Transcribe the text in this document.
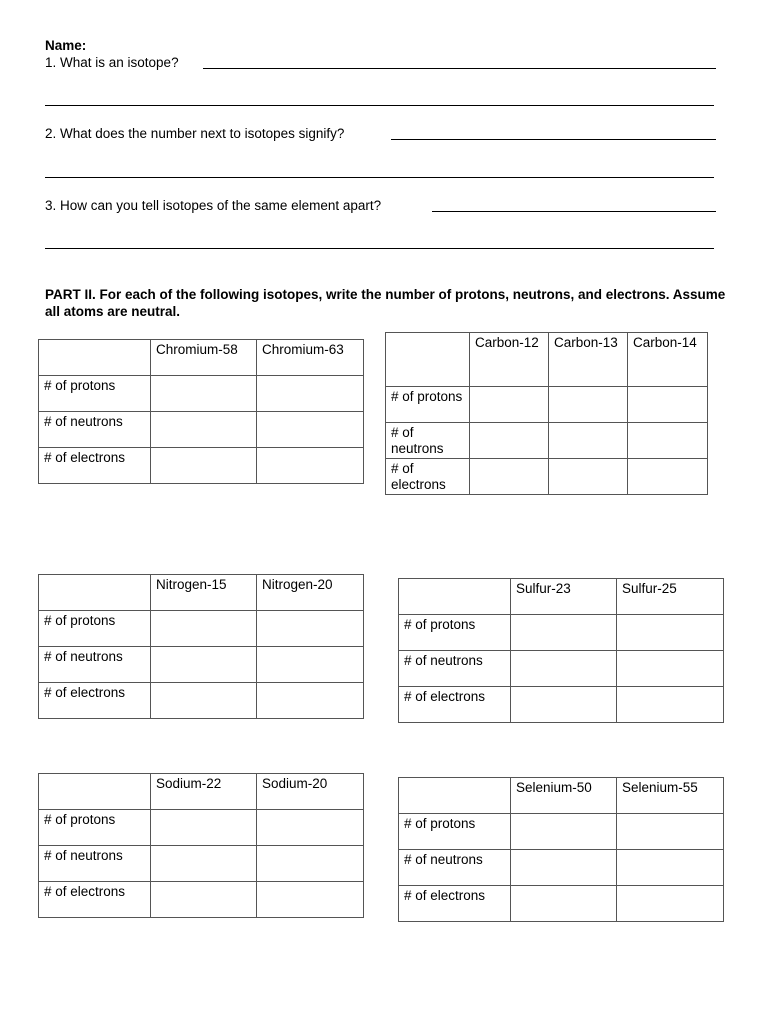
Name:
1. What is an isotope?
2. What does the number next to isotopes signify?
3. How can you tell isotopes of the same element apart?
PART II. For each of the following isotopes, write the number of protons, neutrons, and electrons. Assume all atoms are neutral.
	Chromium-58	Chromium-63
# of protons		
# of neutrons		
# of electrons		
	Carbon-12	Carbon-13	Carbon-14
# of protons			
# of neutrons			
# of electrons			
	Nitrogen-15	Nitrogen-20
# of protons		
# of neutrons		
# of electrons		
	Sulfur-23	Sulfur-25
# of protons		
# of neutrons		
# of electrons		
	Sodium-22	Sodium-20
# of protons		
# of neutrons		
# of electrons		
	Selenium-50	Selenium-55
# of protons		
# of neutrons		
# of electrons		
